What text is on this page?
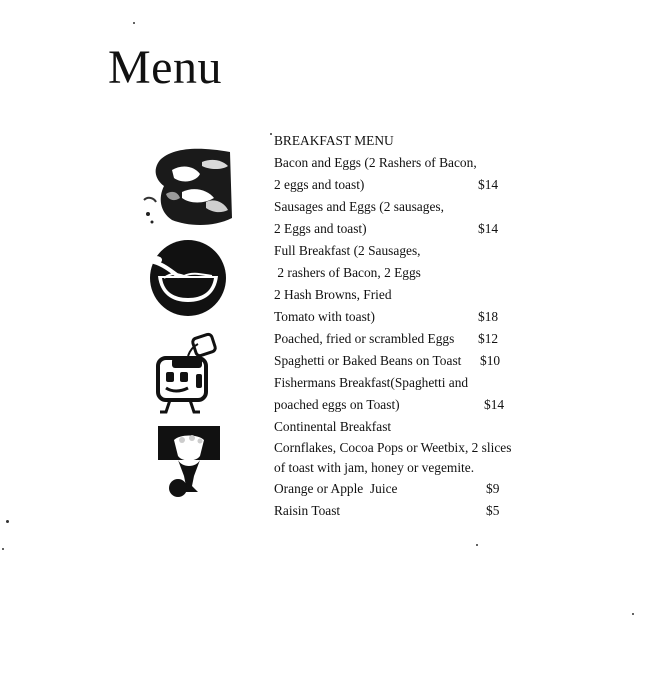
Menu
BREAKFAST MENU
Bacon and Eggs (2 Rashers of Bacon,
2 eggs and toast)	$14
Sausages and Eggs (2 sausages,
2 Eggs and toast)	$14
Full Breakfast (2 Sausages,
2 rashers of Bacon, 2 Eggs
2 Hash Browns, Fried
Tomato with toast)	$18
Poached, fried or scrambled Eggs $12
Spaghetti or Baked Beans on Toast $10
Fishermans Breakfast(Spaghetti and
poached eggs on Toast)	$14
Continental Breakfast
Cornflakes, Cocoa Pops or Weetbix, 2 slices
of toast with jam, honey or vegemite.
Orange or Apple  Juice	$9
Raisin Toast	$5
